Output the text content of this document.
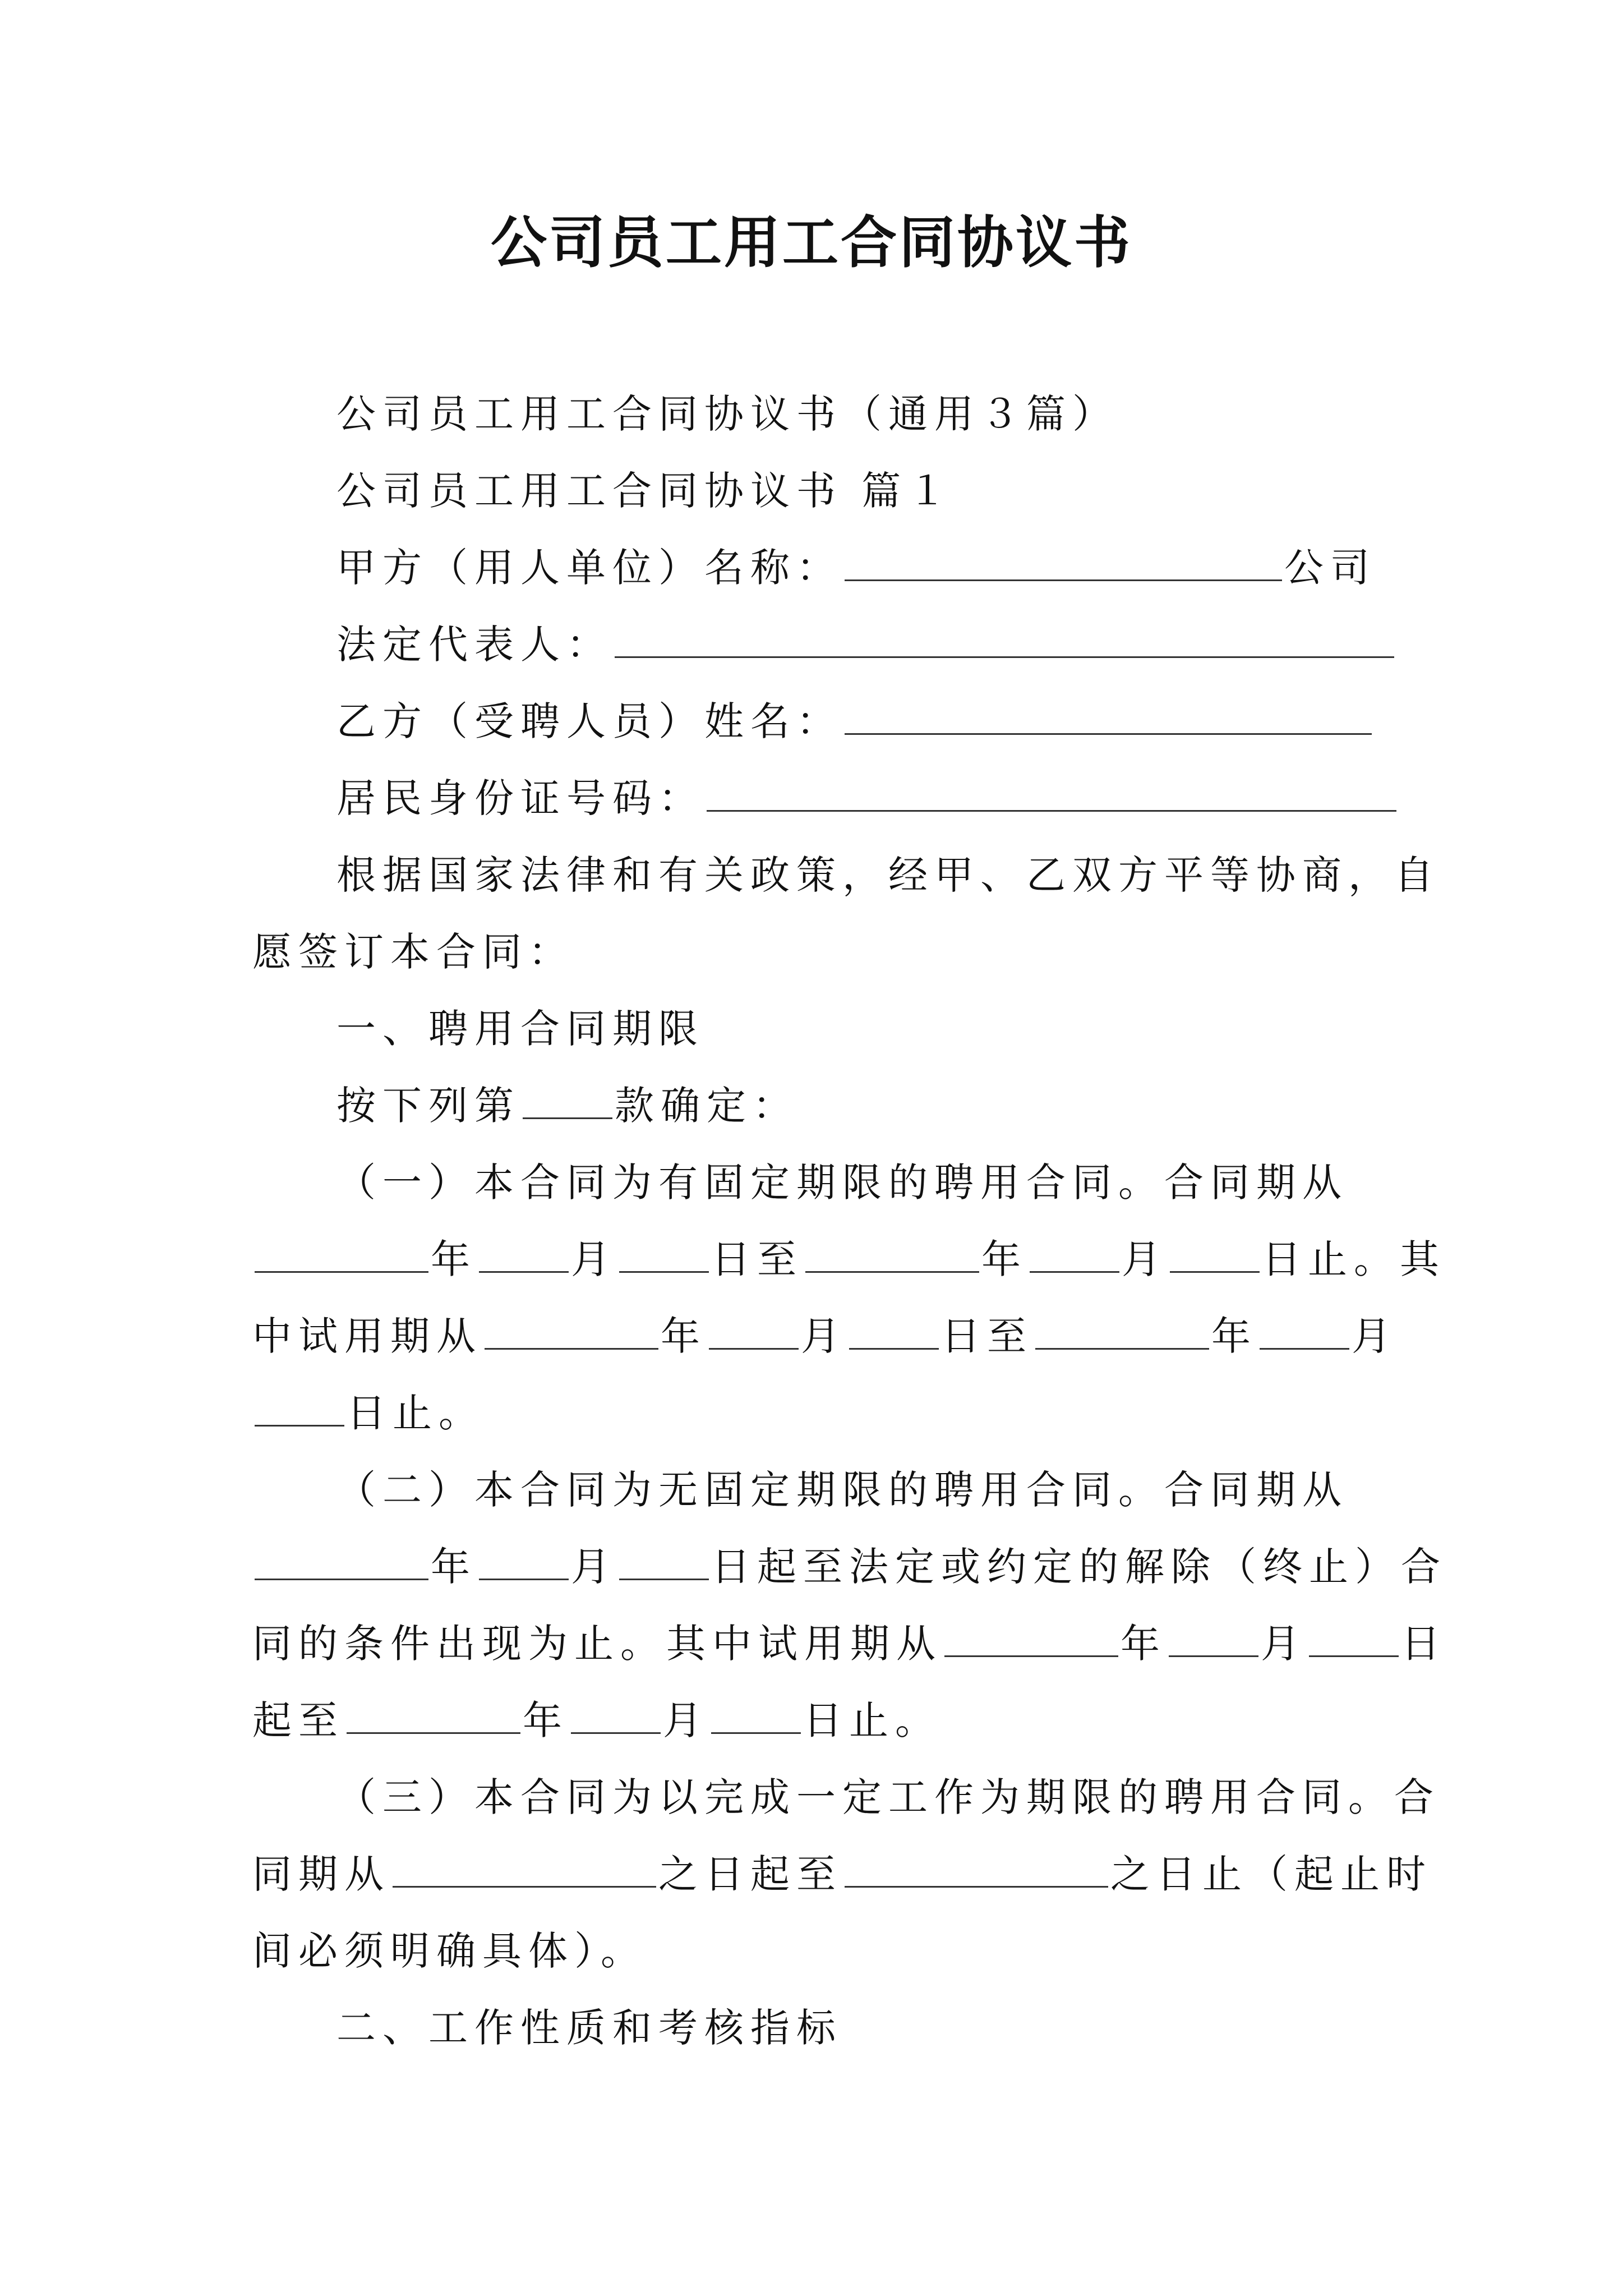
公司员工用工合同协议书
公司员工用工合同协议书（通用３篇）
公司员工用工合同协议书 篇１
甲方（用人单位）名称：	公司
法定代表人：
乙方（受聘人员）姓名：
居民身份证号码：
根据国家法律和有关政策，经甲、乙双方平等协商，自
愿签订本合同：
一、聘用合同期限
按下列第 款确定：
（一）本合同为有固定期限的聘用合同。合同期从
年 月 日至	年 月 日止。其
中试用期从	年 月 日至	年 月
日止。
（二）本合同为无固定期限的聘用合同。合同期从
年 月 日起至法定或约定的解除（终止）合
同的条件出现为止。其中试用期从	年 月 日
起至	年 月 日止。
（三）本合同为以完成一定工作为期限的聘用合同。合
同期从	之日起至	之日止（起止时
间必须明确具体）。
二、工作性质和考核指标
